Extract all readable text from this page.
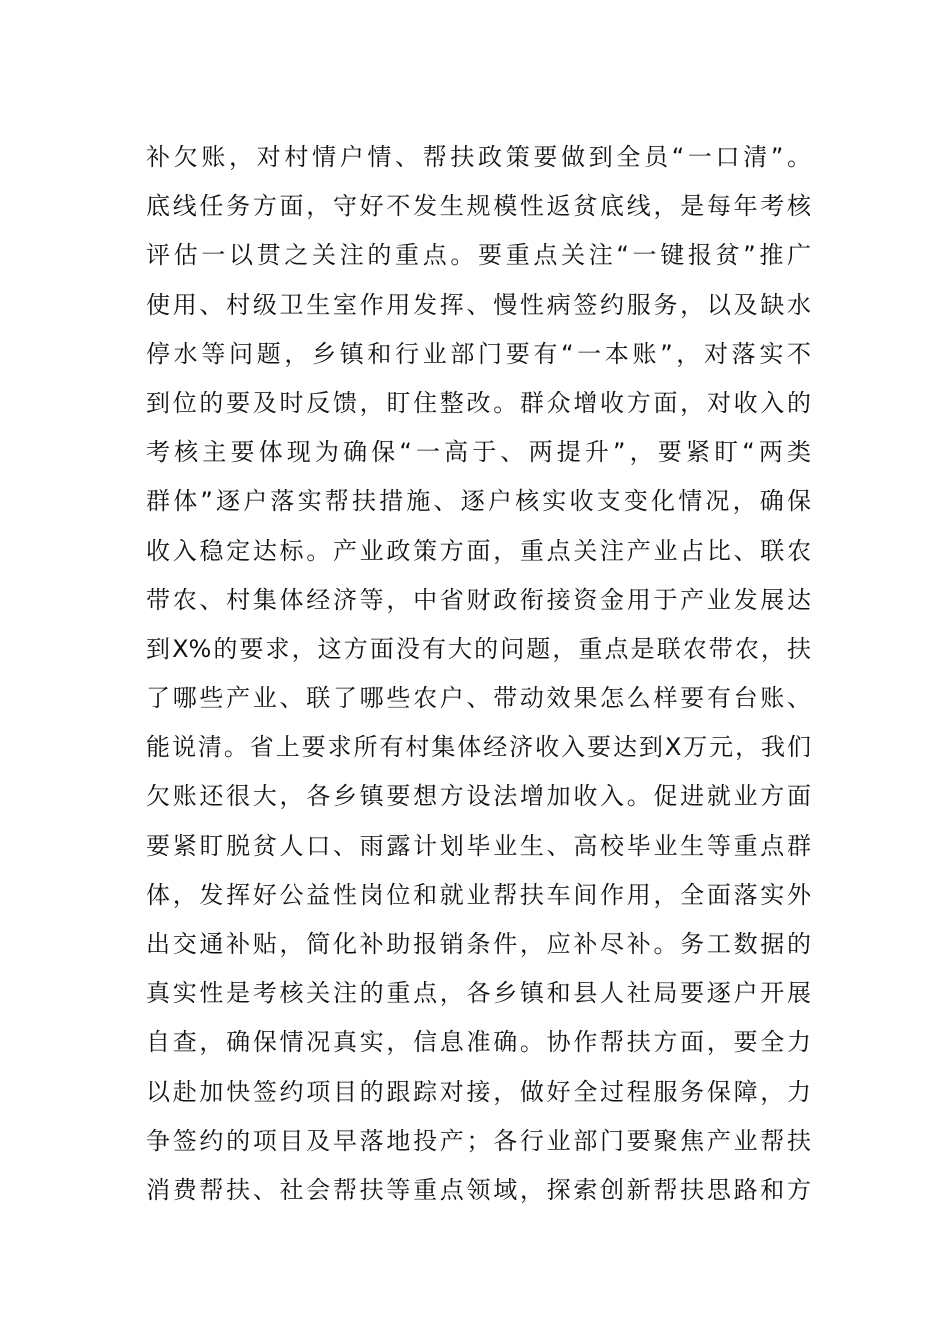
补欠账，对村情户情、帮扶政策要做到全员“一口清”。
底线任务方面，守好不发生规模性返贫底线，是每年考核
评估一以贯之关注的重点。要重点关注“一键报贫”推广
使用、村级卫生室作用发挥、慢性病签约服务，以及缺水
停水等问题，乡镇和行业部门要有“一本账”，对落实不
到位的要及时反馈，盯住整改。群众增收方面，对收入的
考核主要体现为确保“一高于、两提升”，要紧盯“两类
群体”逐户落实帮扶措施、逐户核实收支变化情况，确保
收入稳定达标。产业政策方面，重点关注产业占比、联农
带农、村集体经济等，中省财政衔接资金用于产业发展达
到X%的要求，这方面没有大的问题，重点是联农带农，扶
了哪些产业、联了哪些农户、带动效果怎么样要有台账、
能说清。省上要求所有村集体经济收入要达到X万元，我们
欠账还很大，各乡镇要想方设法增加收入。促进就业方面
要紧盯脱贫人口、雨露计划毕业生、高校毕业生等重点群
体，发挥好公益性岗位和就业帮扶车间作用，全面落实外
出交通补贴，简化补助报销条件，应补尽补。务工数据的
真实性是考核关注的重点，各乡镇和县人社局要逐户开展
自查，确保情况真实，信息准确。协作帮扶方面，要全力
以赴加快签约项目的跟踪对接，做好全过程服务保障，力
争签约的项目及早落地投产；各行业部门要聚焦产业帮扶
消费帮扶、社会帮扶等重点领域，探索创新帮扶思路和方
